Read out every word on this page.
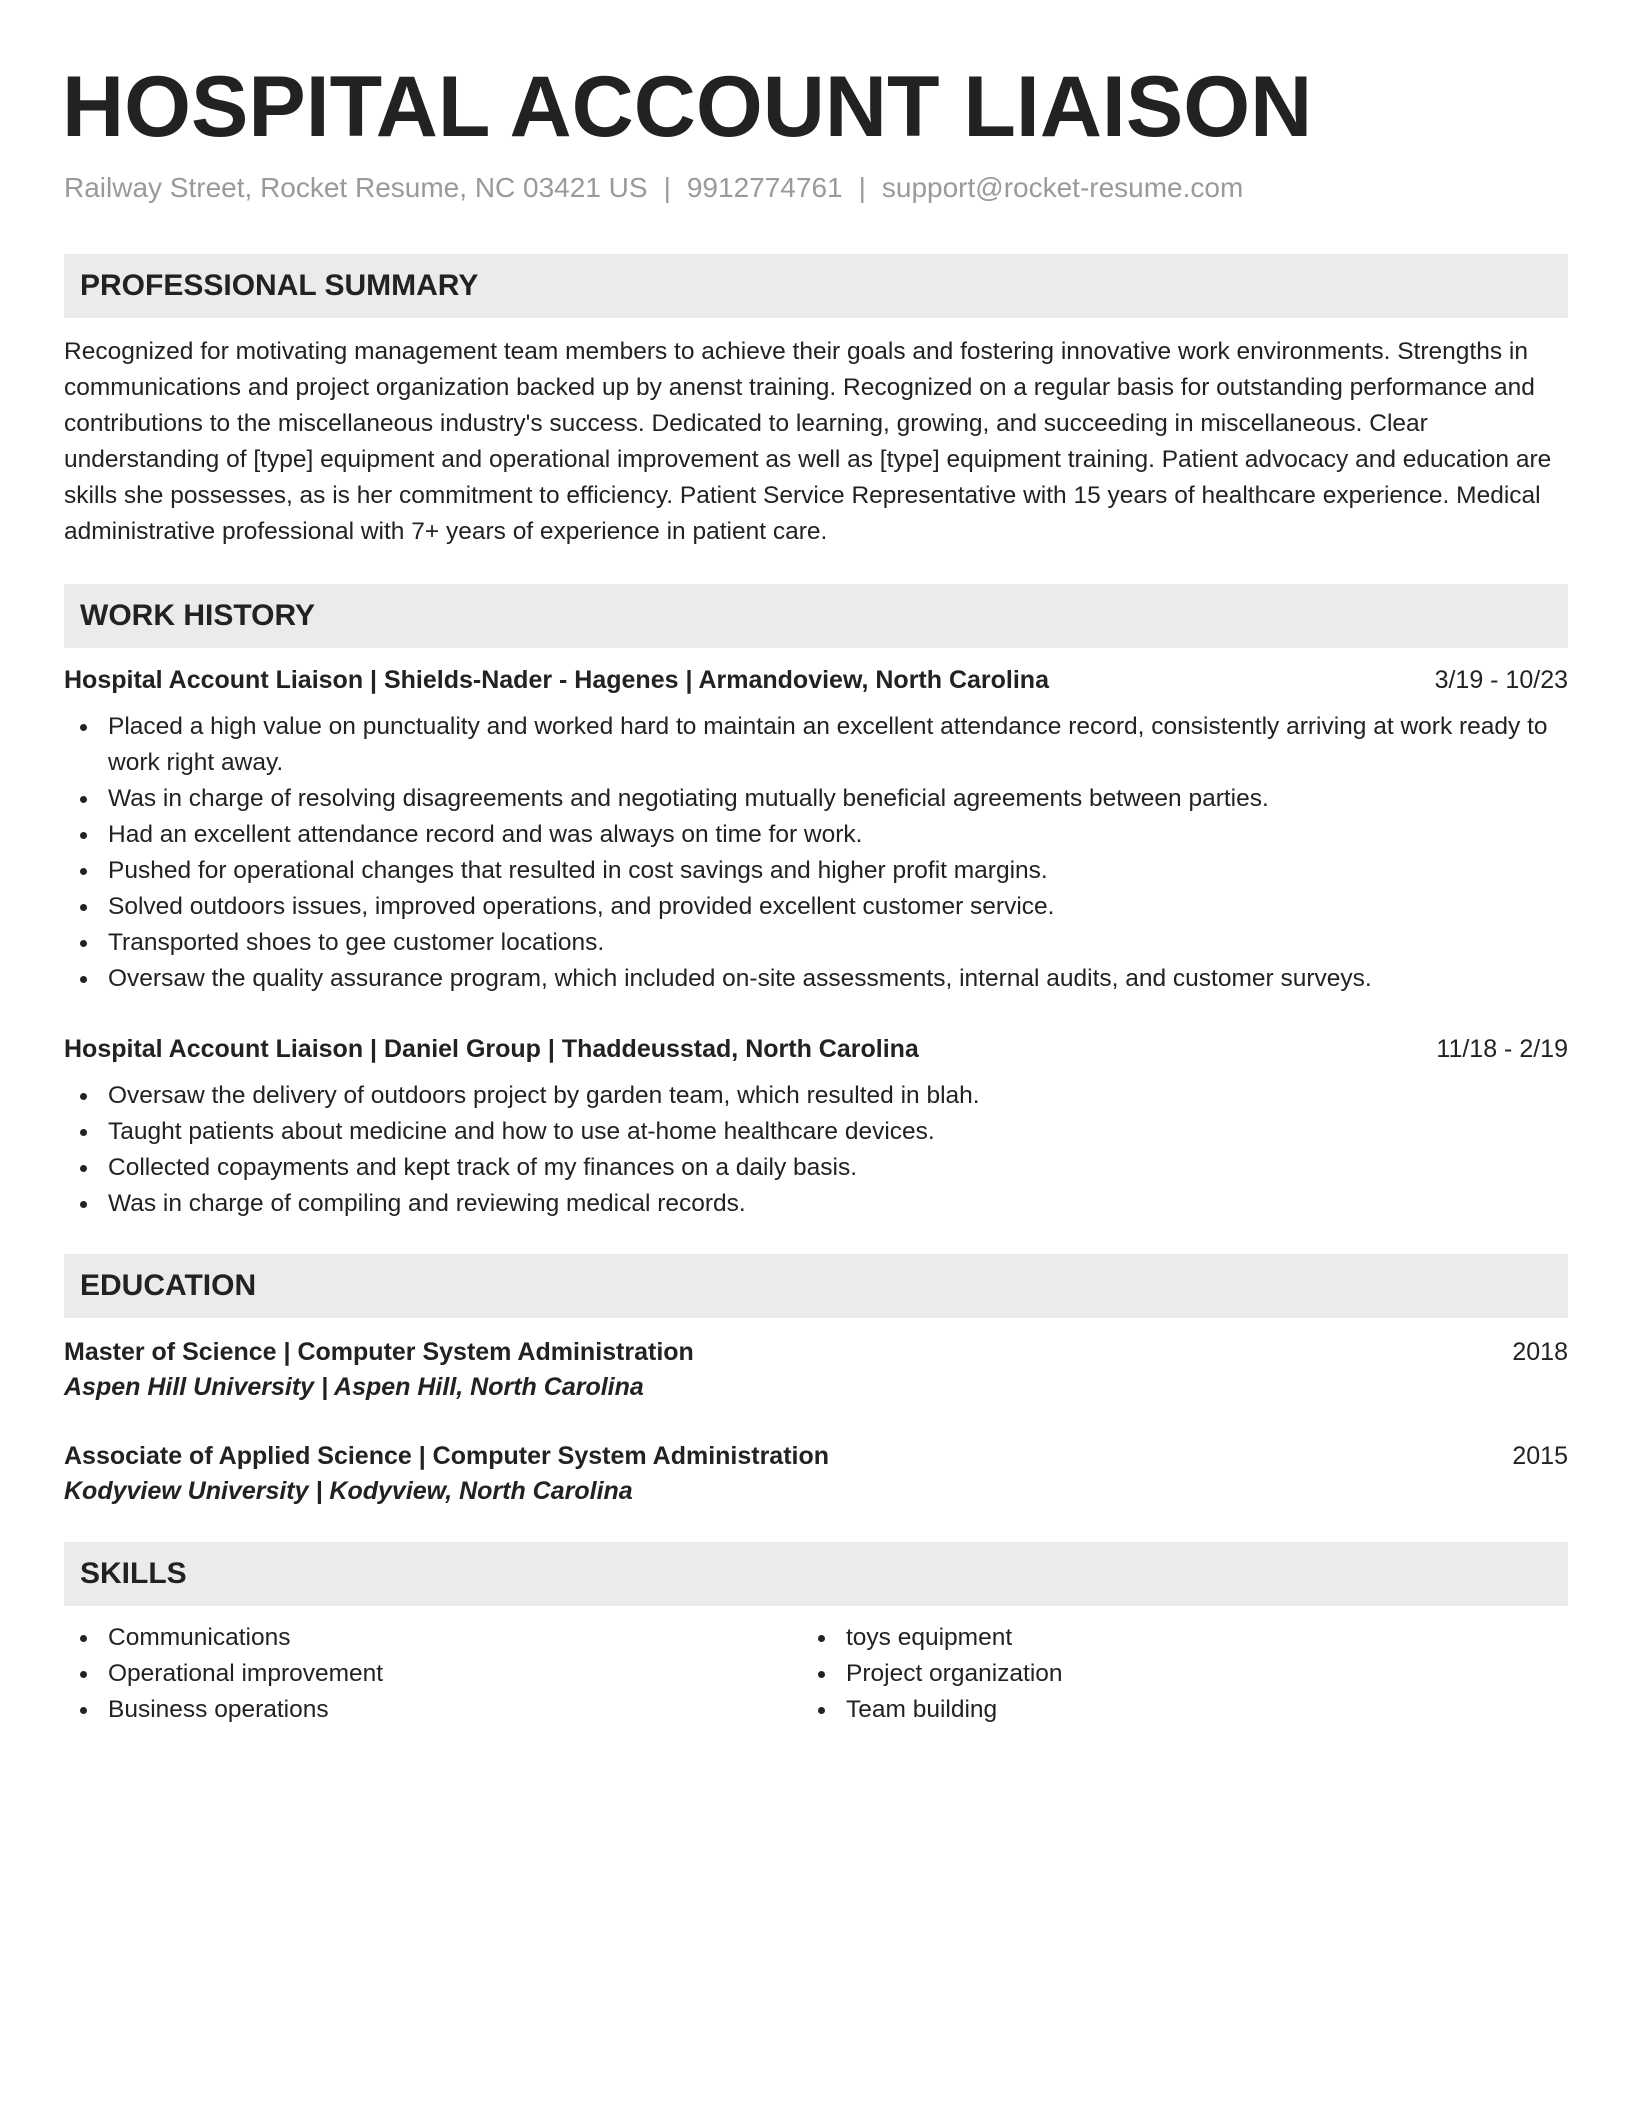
HOSPITAL ACCOUNT LIAISON
Railway Street, Rocket Resume, NC 03421 US | 9912774761 | support@rocket-resume.com
PROFESSIONAL SUMMARY
Recognized for motivating management team members to achieve their goals and fostering innovative work environments. Strengths in communications and project organization backed up by anenst training. Recognized on a regular basis for outstanding performance and contributions to the miscellaneous industry's success. Dedicated to learning, growing, and succeeding in miscellaneous. Clear understanding of [type] equipment and operational improvement as well as [type] equipment training. Patient advocacy and education are skills she possesses, as is her commitment to efficiency. Patient Service Representative with 15 years of healthcare experience. Medical administrative professional with 7+ years of experience in patient care.
WORK HISTORY
Hospital Account Liaison | Shields-Nader - Hagenes | Armandoview, North Carolina	3/19 - 10/23
Placed a high value on punctuality and worked hard to maintain an excellent attendance record, consistently arriving at work ready to work right away.
Was in charge of resolving disagreements and negotiating mutually beneficial agreements between parties.
Had an excellent attendance record and was always on time for work.
Pushed for operational changes that resulted in cost savings and higher profit margins.
Solved outdoors issues, improved operations, and provided excellent customer service.
Transported shoes to gee customer locations.
Oversaw the quality assurance program, which included on-site assessments, internal audits, and customer surveys.
Hospital Account Liaison | Daniel Group | Thaddeusstad, North Carolina	11/18 - 2/19
Oversaw the delivery of outdoors project by garden team, which resulted in blah.
Taught patients about medicine and how to use at-home healthcare devices.
Collected copayments and kept track of my finances on a daily basis.
Was in charge of compiling and reviewing medical records.
EDUCATION
Master of Science | Computer System Administration	2018
Aspen Hill University | Aspen Hill, North Carolina
Associate of Applied Science | Computer System Administration	2015
Kodyview University | Kodyview, North Carolina
SKILLS
Communications
Operational improvement
Business operations
toys equipment
Project organization
Team building
